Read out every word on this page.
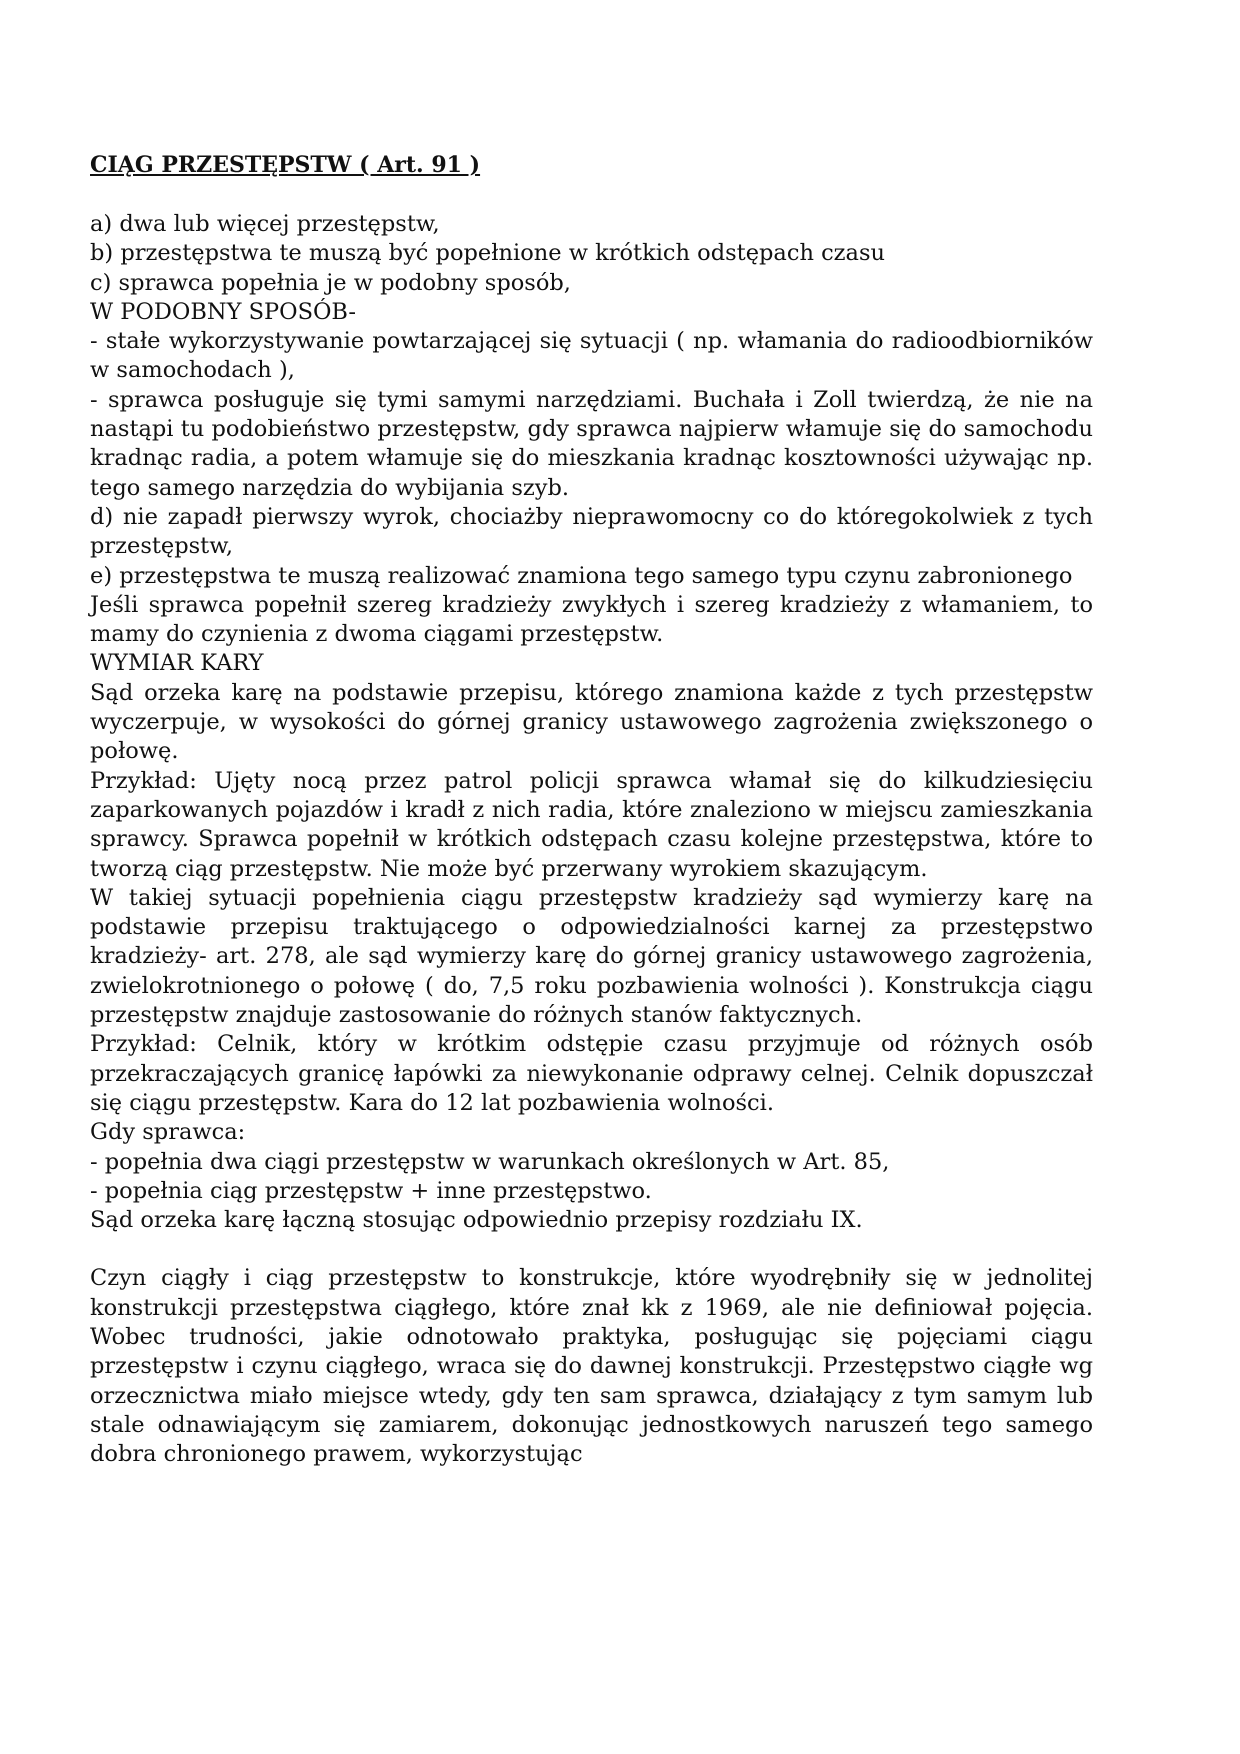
CIĄG PRZESTĘPSTW ( Art. 91 )

a) dwa lub więcej przestępstw,

b) przestępstwa te muszą być popełnione w krótkich odstępach czasu

c) sprawca popełnia je w podobny sposób,

W PODOBNY SPOSÓB-

- stałe wykorzystywanie powtarzającej się sytuacji ( np. włamania do radioodbiorników w samochodach ),

- sprawca posługuje się tymi samymi narzędziami. Buchała i Zoll twierdzą, że nie na nastąpi tu podobieństwo przestępstw, gdy sprawca najpierw włamuje się do samochodu kradnąc radia, a potem włamuje się do mieszkania kradnąc kosztowności używając np. tego samego narzędzia do wybijania szyb.

d) nie zapadł pierwszy wyrok, chociażby nieprawomocny co do któregokolwiek z tych przestępstw,

e) przestępstwa te muszą realizować znamiona tego samego typu czynu zabronionego

Jeśli sprawca popełnił szereg kradzieży zwykłych i szereg kradzieży z włamaniem, to mamy do czynienia z dwoma ciągami przestępstw.

WYMIAR KARY

Sąd orzeka karę na podstawie przepisu, którego znamiona każde z tych przestępstw wyczerpuje, w wysokości do górnej granicy ustawowego zagrożenia zwiększonego o połowę.

Przykład: Ujęty nocą przez patrol policji sprawca włamał się do kilkudziesięciu zaparkowanych pojazdów i kradł z nich radia, które znaleziono w miejscu zamieszkania sprawcy. Sprawca popełnił w krótkich odstępach czasu kolejne przestępstwa, które to tworzą ciąg przestępstw. Nie może być przerwany wyrokiem skazującym.

W takiej sytuacji popełnienia ciągu przestępstw kradzieży sąd wymierzy karę na podstawie przepisu traktującego o odpowiedzialności karnej za przestępstwo kradzieży- art. 278, ale sąd wymierzy karę do górnej granicy ustawowego zagrożenia, zwielokrotnionego o połowę ( do, 7,5 roku pozbawienia wolności ). Konstrukcja ciągu przestępstw znajduje zastosowanie do różnych stanów faktycznych.

Przykład: Celnik, który w krótkim odstępie czasu przyjmuje od różnych osób przekraczających granicę łapówki za niewykonanie odprawy celnej. Celnik dopuszczał się ciągu przestępstw. Kara do 12 lat pozbawienia wolności.

Gdy sprawca:

- popełnia dwa ciągi przestępstw w warunkach określonych w Art. 85,

- popełnia ciąg przestępstw + inne przestępstwo.

Sąd orzeka karę łączną stosując odpowiednio przepisy rozdziału IX.

Czyn ciągły i ciąg przestępstw to konstrukcje, które wyodrębniły się w jednolitej konstrukcji przestępstwa ciągłego, które znał kk z 1969, ale nie definiował pojęcia. Wobec trudności, jakie odnotowało praktyka, posługując się pojęciami ciągu przestępstw i czynu ciągłego, wraca się do dawnej konstrukcji. Przestępstwo ciągłe wg orzecznictwa miało miejsce wtedy, gdy ten sam sprawca, działający z tym samym lub stale odnawiającym się zamiarem, dokonując jednostkowych naruszeń tego samego dobra chronionego prawem, wykorzystując
